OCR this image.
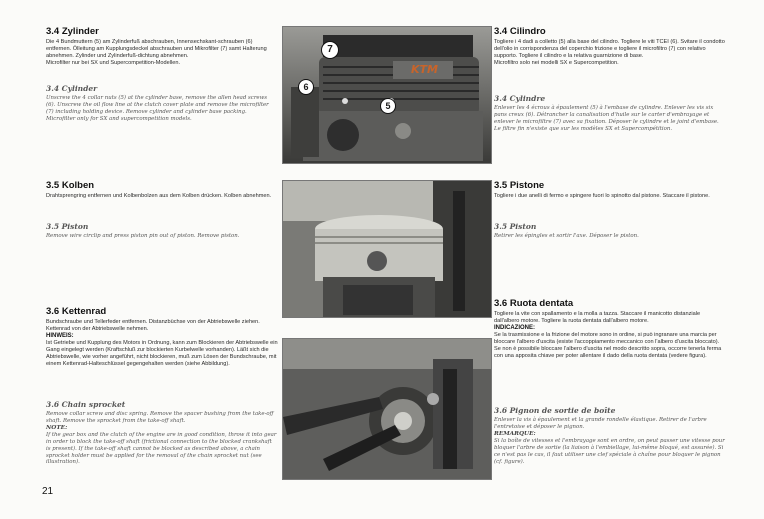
3.4 Zylinder

Die 4 Bundmuttern (5) am Zylinderfuß abschrauben, Innensechskant-schrauben (6) entfernen. Ölleitung am Kupplungsdeckel abschrauben und Mikrofilter (7) samt Halterung abnehmen. Zylinder und Zylinderfuß-dichtung abnehmen.

Microfilter nur bei SX und Supercompetition-Modellen.

3.4 Cylinder

Unscrew the 4 collar nuts (5) at the cylinder base, remove the allen head screws (6). Unscrew the oil flow line at the clutch cover plate and remove the microfilter (7) including holding device. Remove cylinder and cylinder base packing.

Microfilter only for SX and supercompetition models.

3.4 Cilindro

Togliere i 4 dadi a colletto (5) alla base del cilindro. Togliere le viti TCEI (6). Svitare il condotto dell'olio in corrispondenza del coperchio frizione e togliere il microfiltro (7) con relativo supporto. Togliere il cilindro e la relativa guarnizione di base.

Microfiltro solo nei modelli SX e Supercompetition.

3.4 Cylindre

Enlever les 4 écrous à épaulement (5) à l'embase de cylindre. Enlever les vis six pans creux (6). Détrancher la canalisation d'huile sur le carter d'embrayage et enlever le microfiltre (7) avec sa fixation. Déposer le cylindre et le joint d'embase.

Le filtre fin n'existe que sur les modèles SX et Supercompétition.

KTM
7
5
6
3.5 Kolben

Drahtsprengring entfernen und Kolbenbolzen aus dem Kolben drücken. Kolben abnehmen.

3.5 Piston

Remove wire circlip and press piston pin out of piston. Remove piston.

3.5 Pistone

Togliere i due anelli di fermo e spingere fuori lo spinotto dal pistone. Staccare il pistone.

3.5 Piston

Retirer les épingles et sortir l'axe. Déposer le piston.

3.6 Kettenrad

Bundschraube und Tellerfeder entfernen. Distanzbüchse von der Abtriebswelle ziehen. Kettenrad von der Abtriebswelle nehmen.

HINWEIS:

Ist Getriebe und Kupplung des Motors in Ordnung, kann zum Blockieren der Abtriebswelle ein Gang eingelegt werden (Kraftschluß zur blockierten Kurbelwelle vorhanden). Läßt sich die Abtriebswelle, wie vorher angeführt, nicht blockieren, muß zum Lösen der Bundschraube, mit einem Kettenrad-Halteschlüssel gegengehalten werden (siehe Abbildung).

3.6 Chain sprocket

Remove collar screw and disc spring. Remove the spacer bushing from the take-off shaft. Remove the sprocket from the take-off shaft.

NOTE:

If the gear box and the clutch of the engine are in good condition, throw it into gear in order to block the take-off shaft (frictional connection to the blocked crankshaft is present). If the take-off shaft cannot be blocked as described above, a chain sprocket holder must be applied for the removal of the chain sprocket nut (see illustration).

3.6 Ruota dentata

Togliere la vite con spallamento e la molla a tazza. Staccare il manicotto distanziale dall'albero motore. Togliere la ruota dentata dall'albero motore.

INDICAZIONE:

Se la trasmissione e la frizione del motore sono in ordine, si può ingranare una marcia per bloccare l'albero d'uscita (esiste l'accoppiamento meccanico con l'albero d'uscita bloccato). Se non è possibile bloccare l'albero d'uscita nel modo descritto sopra, occorre tenerla ferma con una apposita chiave per poter allentare il dado della ruota dentata (vedere figura).

3.6 Pignon de sortie de boîte

Enlever la vis à épaulement et la grande rondelle élastique. Retirer de l'arbre l'entretoise et déposer le pignon.

REMARQUE:

Si la boîte de vitesses et l'embrayage sont en ordre, on peut passer une vitesse pour bloquer l'arbre de sortie (la liaison à l'embiellage, lui-même bloqué, est assurée). Si ce n'est pas le cas, il faut utiliser une clef spéciale à chaîne pour bloquer le pignon (cf. figure).

21
